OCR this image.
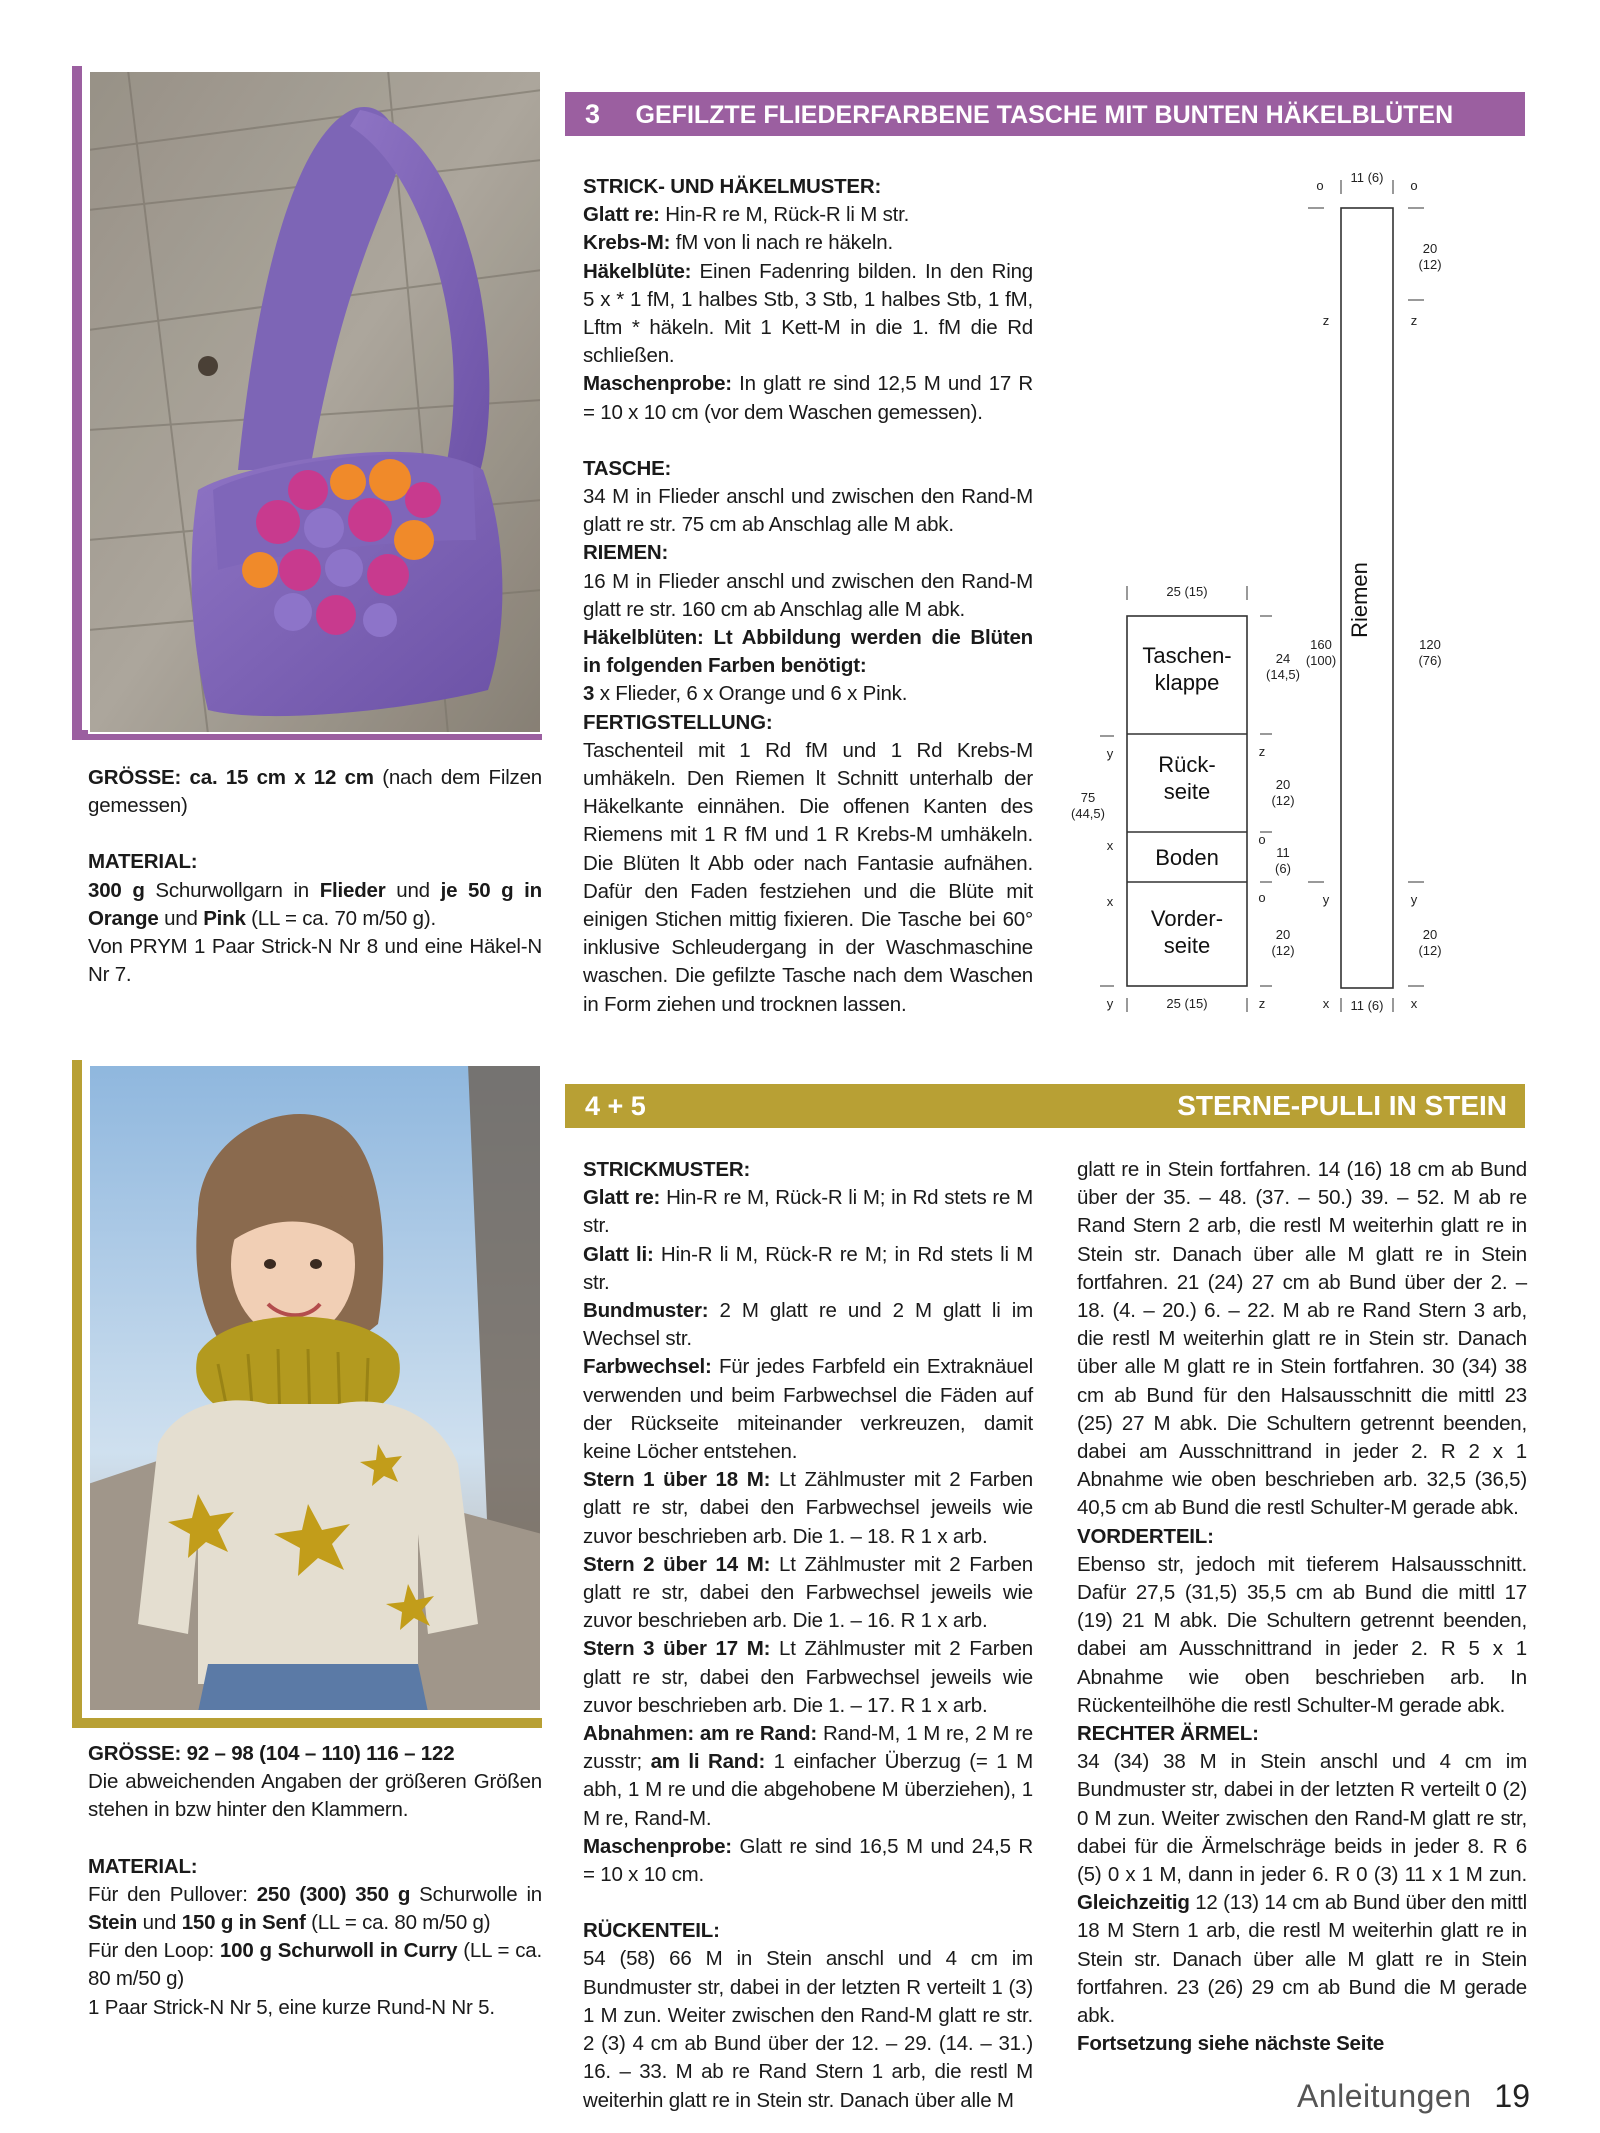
3 GEFILZTE FLIEDERFARBENE TASCHE MIT BUNTEN HÄKELBLÜTEN

GRÖSSE: ca. 15 cm x 12 cm (nach dem Filzen gemessen)

MATERIAL:

300 g Schurwollgarn in Flieder und je 50 g in Orange und Pink (LL = ca. 70 m/50 g).

Von PRYM 1 Paar Strick-N Nr 8 und eine Häkel-N Nr 7.

STRICK- UND HÄKELMUSTER:

Glatt re: Hin-R re M, Rück-R li M str.

Krebs-M: fM von li nach re häkeln.

Häkelblüte: Einen Fadenring bilden. In den Ring 5 x * 1 fM, 1 halbes Stb, 3 Stb, 1 halbes Stb, 1 fM, Lftm * häkeln. Mit 1 Kett-M in die 1. fM die Rd schließen.

Maschenprobe: In glatt re sind 12,5 M und 17 R = 10 x 10 cm (vor dem Waschen gemessen).

TASCHE:

34 M in Flieder anschl und zwischen den Rand-M glatt re str. 75 cm ab Anschlag alle M abk.

RIEMEN:

16 M in Flieder anschl und zwischen den Rand-M glatt re str. 160 cm ab Anschlag alle M abk.

Häkelblüten: Lt Abbildung werden die Blüten in folgenden Farben benötigt:

3 x Flieder, 6 x Orange und 6 x Pink.

FERTIGSTELLUNG:

Taschenteil mit 1 Rd fM und 1 Rd Krebs-M umhäkeln. Den Riemen lt Schnitt unterhalb der Häkelkante einnähen. Die offenen Kanten des Riemens mit 1 R fM und 1 R Krebs-M umhäkeln. Die Blüten lt Abb oder nach Fantasie aufnähen. Dafür den Faden festziehen und die Blüte mit einigen Stichen mittig fixieren. Die Tasche bei 60° inklusive Schleudergang in der Waschmaschine waschen. Die gefilzte Tasche nach dem Waschen in Form ziehen und trocknen lassen.

25 (15)
25 (15)
24
(14,5)
20
(12)
11
(6)
20
(12)
75
(44,5)
11 (6)
11 (6)
20
(12)
160
(100)
120
(76)
20
(12)
o	o
z	z
y	y
x	x
y
x
x
y
z
o
o
z
Taschen-
klappe
Rück-
seite
Boden
Vorder-
seite
Riemen
4 + 5	STERNE-PULLI IN STEIN

GRÖSSE: 92 – 98 (104 – 110) 116 – 122

Die abweichenden Angaben der größeren Größen stehen in bzw hinter den Klammern.

MATERIAL:

Für den Pullover: 250 (300) 350 g Schurwolle in Stein und 150 g in Senf (LL = ca. 80 m/50 g)

Für den Loop: 100 g Schurwoll in Curry (LL = ca. 80 m/50 g)

1 Paar Strick-N Nr 5, eine kurze Rund-N Nr 5.

STRICKMUSTER:

Glatt re: Hin-R re M, Rück-R li M; in Rd stets re M str.

Glatt li: Hin-R li M, Rück-R re M; in Rd stets li M str.

Bundmuster: 2 M glatt re und 2 M glatt li im Wechsel str.

Farbwechsel: Für jedes Farbfeld ein Extraknäuel verwenden und beim Farbwechsel die Fäden auf der Rückseite miteinander verkreuzen, damit keine Löcher entstehen.

Stern 1 über 18 M: Lt Zählmuster mit 2 Farben glatt re str, dabei den Farbwechsel jeweils wie zuvor beschrieben arb. Die 1. – 18. R 1 x arb.

Stern 2 über 14 M: Lt Zählmuster mit 2 Farben glatt re str, dabei den Farbwechsel jeweils wie zuvor beschrieben arb. Die 1. – 16. R 1 x arb.

Stern 3 über 17 M: Lt Zählmuster mit 2 Farben glatt re str, dabei den Farbwechsel jeweils wie zuvor beschrieben arb. Die 1. – 17. R 1 x arb.

Abnahmen: am re Rand: Rand-M, 1 M re, 2 M re zusstr; am li Rand: 1 einfacher Überzug (= 1 M abh, 1 M re und die abgehobene M überziehen), 1 M re, Rand-M.

Maschenprobe: Glatt re sind 16,5 M und 24,5 R = 10 x 10 cm.

RÜCKENTEIL:

54 (58) 66 M in Stein anschl und 4 cm im Bundmuster str, dabei in der letzten R verteilt 1 (3) 1 M zun. Weiter zwischen den Rand-M glatt re str. 2 (3) 4 cm ab Bund über der 12. – 29. (14. – 31.) 16. – 33. M ab re Rand Stern 1 arb, die restl M weiterhin glatt re in Stein str. Danach über alle M

glatt re in Stein fortfahren. 14 (16) 18 cm ab Bund über der 35. – 48. (37. – 50.) 39. – 52. M ab re Rand Stern 2 arb, die restl M weiterhin glatt re in Stein str. Danach über alle M glatt re in Stein fortfahren. 21 (24) 27 cm ab Bund über der 2. – 18. (4. – 20.) 6. – 22. M ab re Rand Stern 3 arb, die restl M weiterhin glatt re in Stein str. Danach über alle M glatt re in Stein fortfahren. 30 (34) 38 cm ab Bund für den Halsausschnitt die mittl 23 (25) 27 M abk. Die Schultern getrennt beenden, dabei am Ausschnittrand in jeder 2. R 2 x 1 Abnahme wie oben beschrieben arb. 32,5 (36,5) 40,5 cm ab Bund die restl Schulter-M gerade abk.

VORDERTEIL:

Ebenso str, jedoch mit tieferem Halsausschnitt. Dafür 27,5 (31,5) 35,5 cm ab Bund die mittl 17 (19) 21 M abk. Die Schultern getrennt beenden, dabei am Ausschnittrand in jeder 2. R 5 x 1 Abnahme wie oben beschrieben arb. In Rückenteilhöhe die restl Schulter-M gerade abk.

RECHTER ÄRMEL:

34 (34) 38 M in Stein anschl und 4 cm im Bundmuster str, dabei in der letzten R verteilt 0 (2) 0 M zun. Weiter zwischen den Rand-M glatt re str, dabei für die Ärmelschräge beids in jeder 8. R 6 (5) 0 x 1 M, dann in jeder 6. R 0 (3) 11 x 1 M zun. Gleichzeitig 12 (13) 14 cm ab Bund über den mittl 18 M Stern 1 arb, die restl M weiterhin glatt re in Stein str. Danach über alle M glatt re in Stein fortfahren. 23 (26) 29 cm ab Bund die M gerade abk.

Fortsetzung siehe nächste Seite

Anleitungen 19
